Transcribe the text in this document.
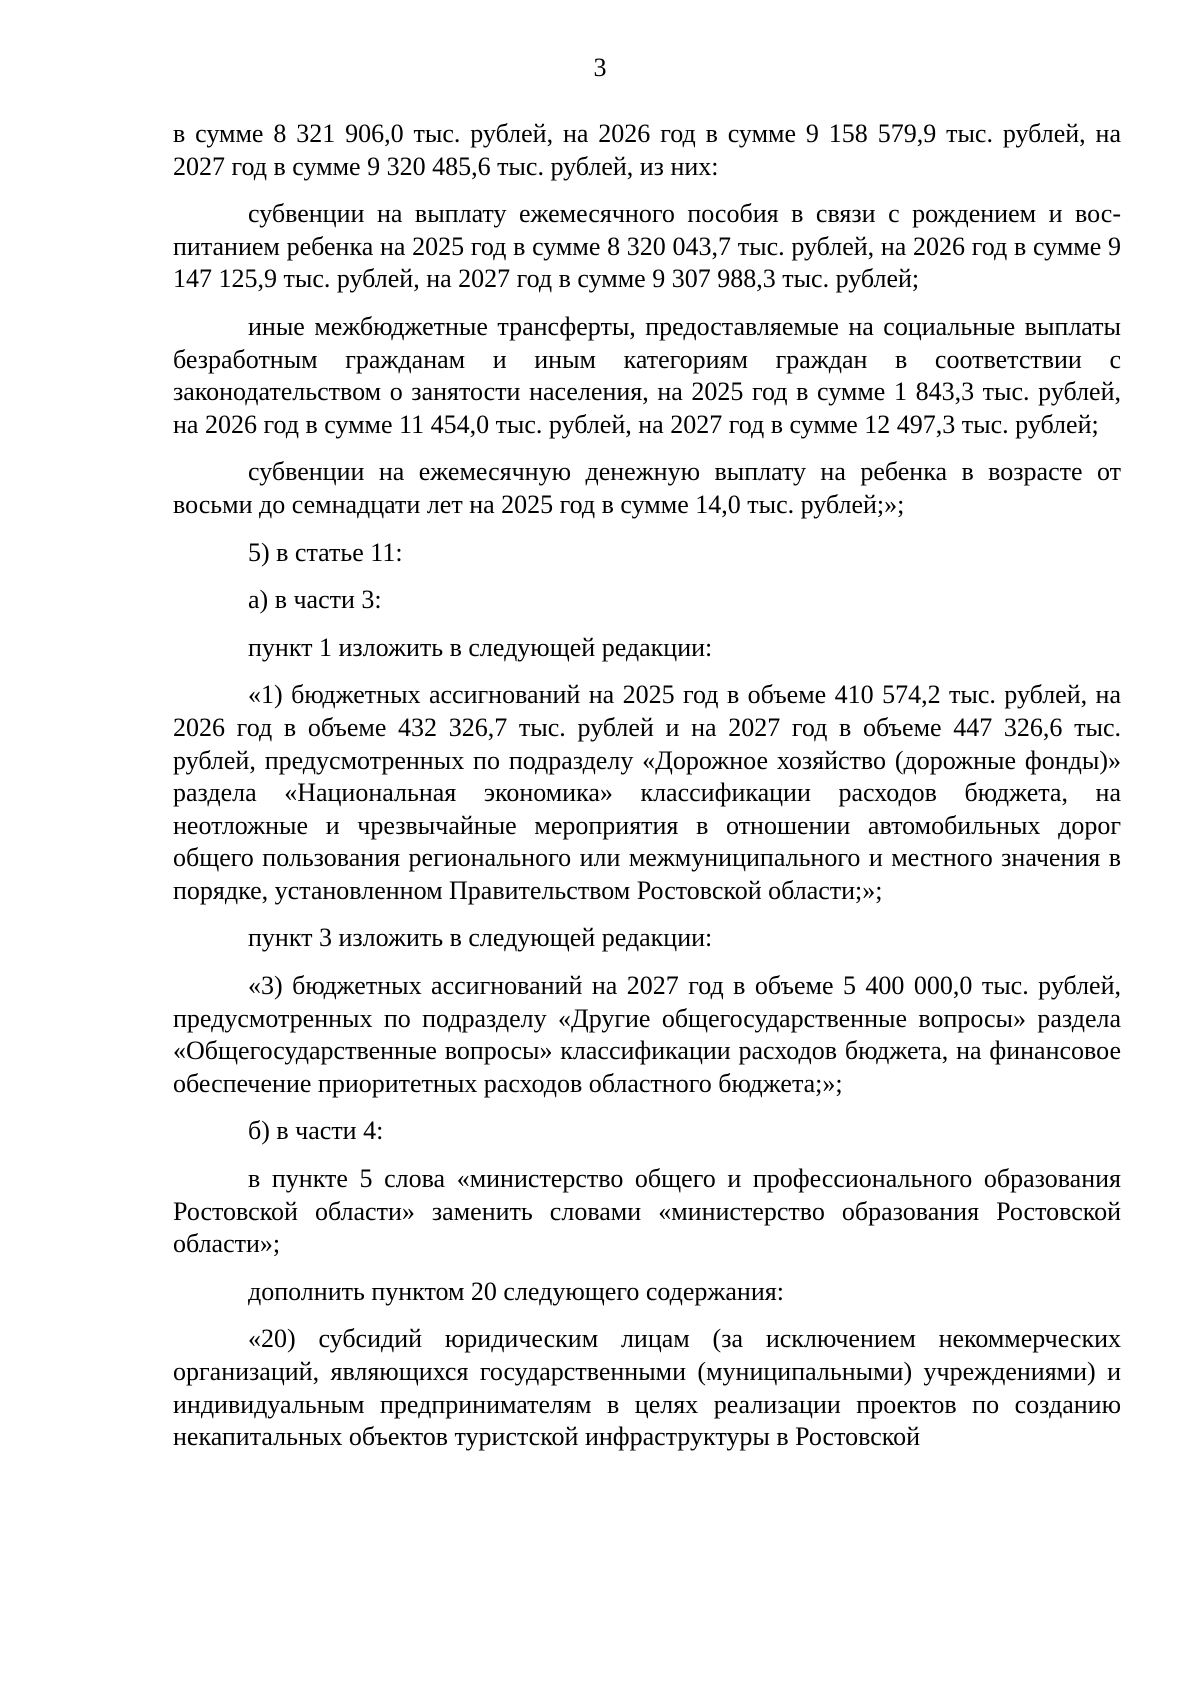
3

в сумме 8 321 906,0 тыс. рублей, на 2026 год в сумме 9 158 579,9 тыс. рублей, на 2027 год в сумме 9 320 485,6 тыс. рублей, из них:

субвенции на выплату ежемесячного пособия в связи с рождением и воспитанием ребенка на 2025 год в сумме 8 320 043,7 тыс. рублей, на 2026 год в сумме 9 147 125,9 тыс. рублей, на 2027 год в сумме 9 307 988,3 тыс. рублей;

иные межбюджетные трансферты, предоставляемые на социальные выплаты безработным гражданам и иным категориям граждан в соответствии с законодательством о занятости населения, на 2025 год в сумме 1 843,3 тыс. рублей, на 2026 год в сумме 11 454,0 тыс. рублей, на 2027 год в сумме 12 497,3 тыс. рублей;

субвенции на ежемесячную денежную выплату на ребенка в возрасте от восьми до семнадцати лет на 2025 год в сумме 14,0 тыс. рублей;»;

5) в статье 11:

а) в части 3:

пункт 1 изложить в следующей редакции:

«1) бюджетных ассигнований на 2025 год в объеме 410 574,2 тыс. рублей, на 2026 год в объеме 432 326,7 тыс. рублей и на 2027 год в объеме 447 326,6 тыс. рублей, предусмотренных по подразделу «Дорожное хозяйство (дорожные фонды)» раздела «Национальная экономика» классификации расходов бюджета, на неотложные и чрезвычайные мероприятия в отношении автомобильных дорог общего пользования регионального или межмуниципального и местного значения в порядке, установленном Правительством Ростовской области;»;

пункт 3 изложить в следующей редакции:

«3) бюджетных ассигнований на 2027 год в объеме 5 400 000,0 тыс. рублей, предусмотренных по подразделу «Другие общегосударственные вопросы» раздела «Общегосударственные вопросы» классификации расходов бюджета, на финансовое обеспечение приоритетных расходов областного бюджета;»;

б) в части 4:

в пункте 5 слова «министерство общего и профессионального образования Ростовской области» заменить словами «министерство образования Ростовской области»;

дополнить пунктом 20 следующего содержания:

«20) субсидий юридическим лицам (за исключением некоммерческих организаций, являющихся государственными (муниципальными) учреждениями) и индивидуальным предпринимателям в целях реализации проектов по созданию некапитальных объектов туристской инфраструктуры в Ростовской
